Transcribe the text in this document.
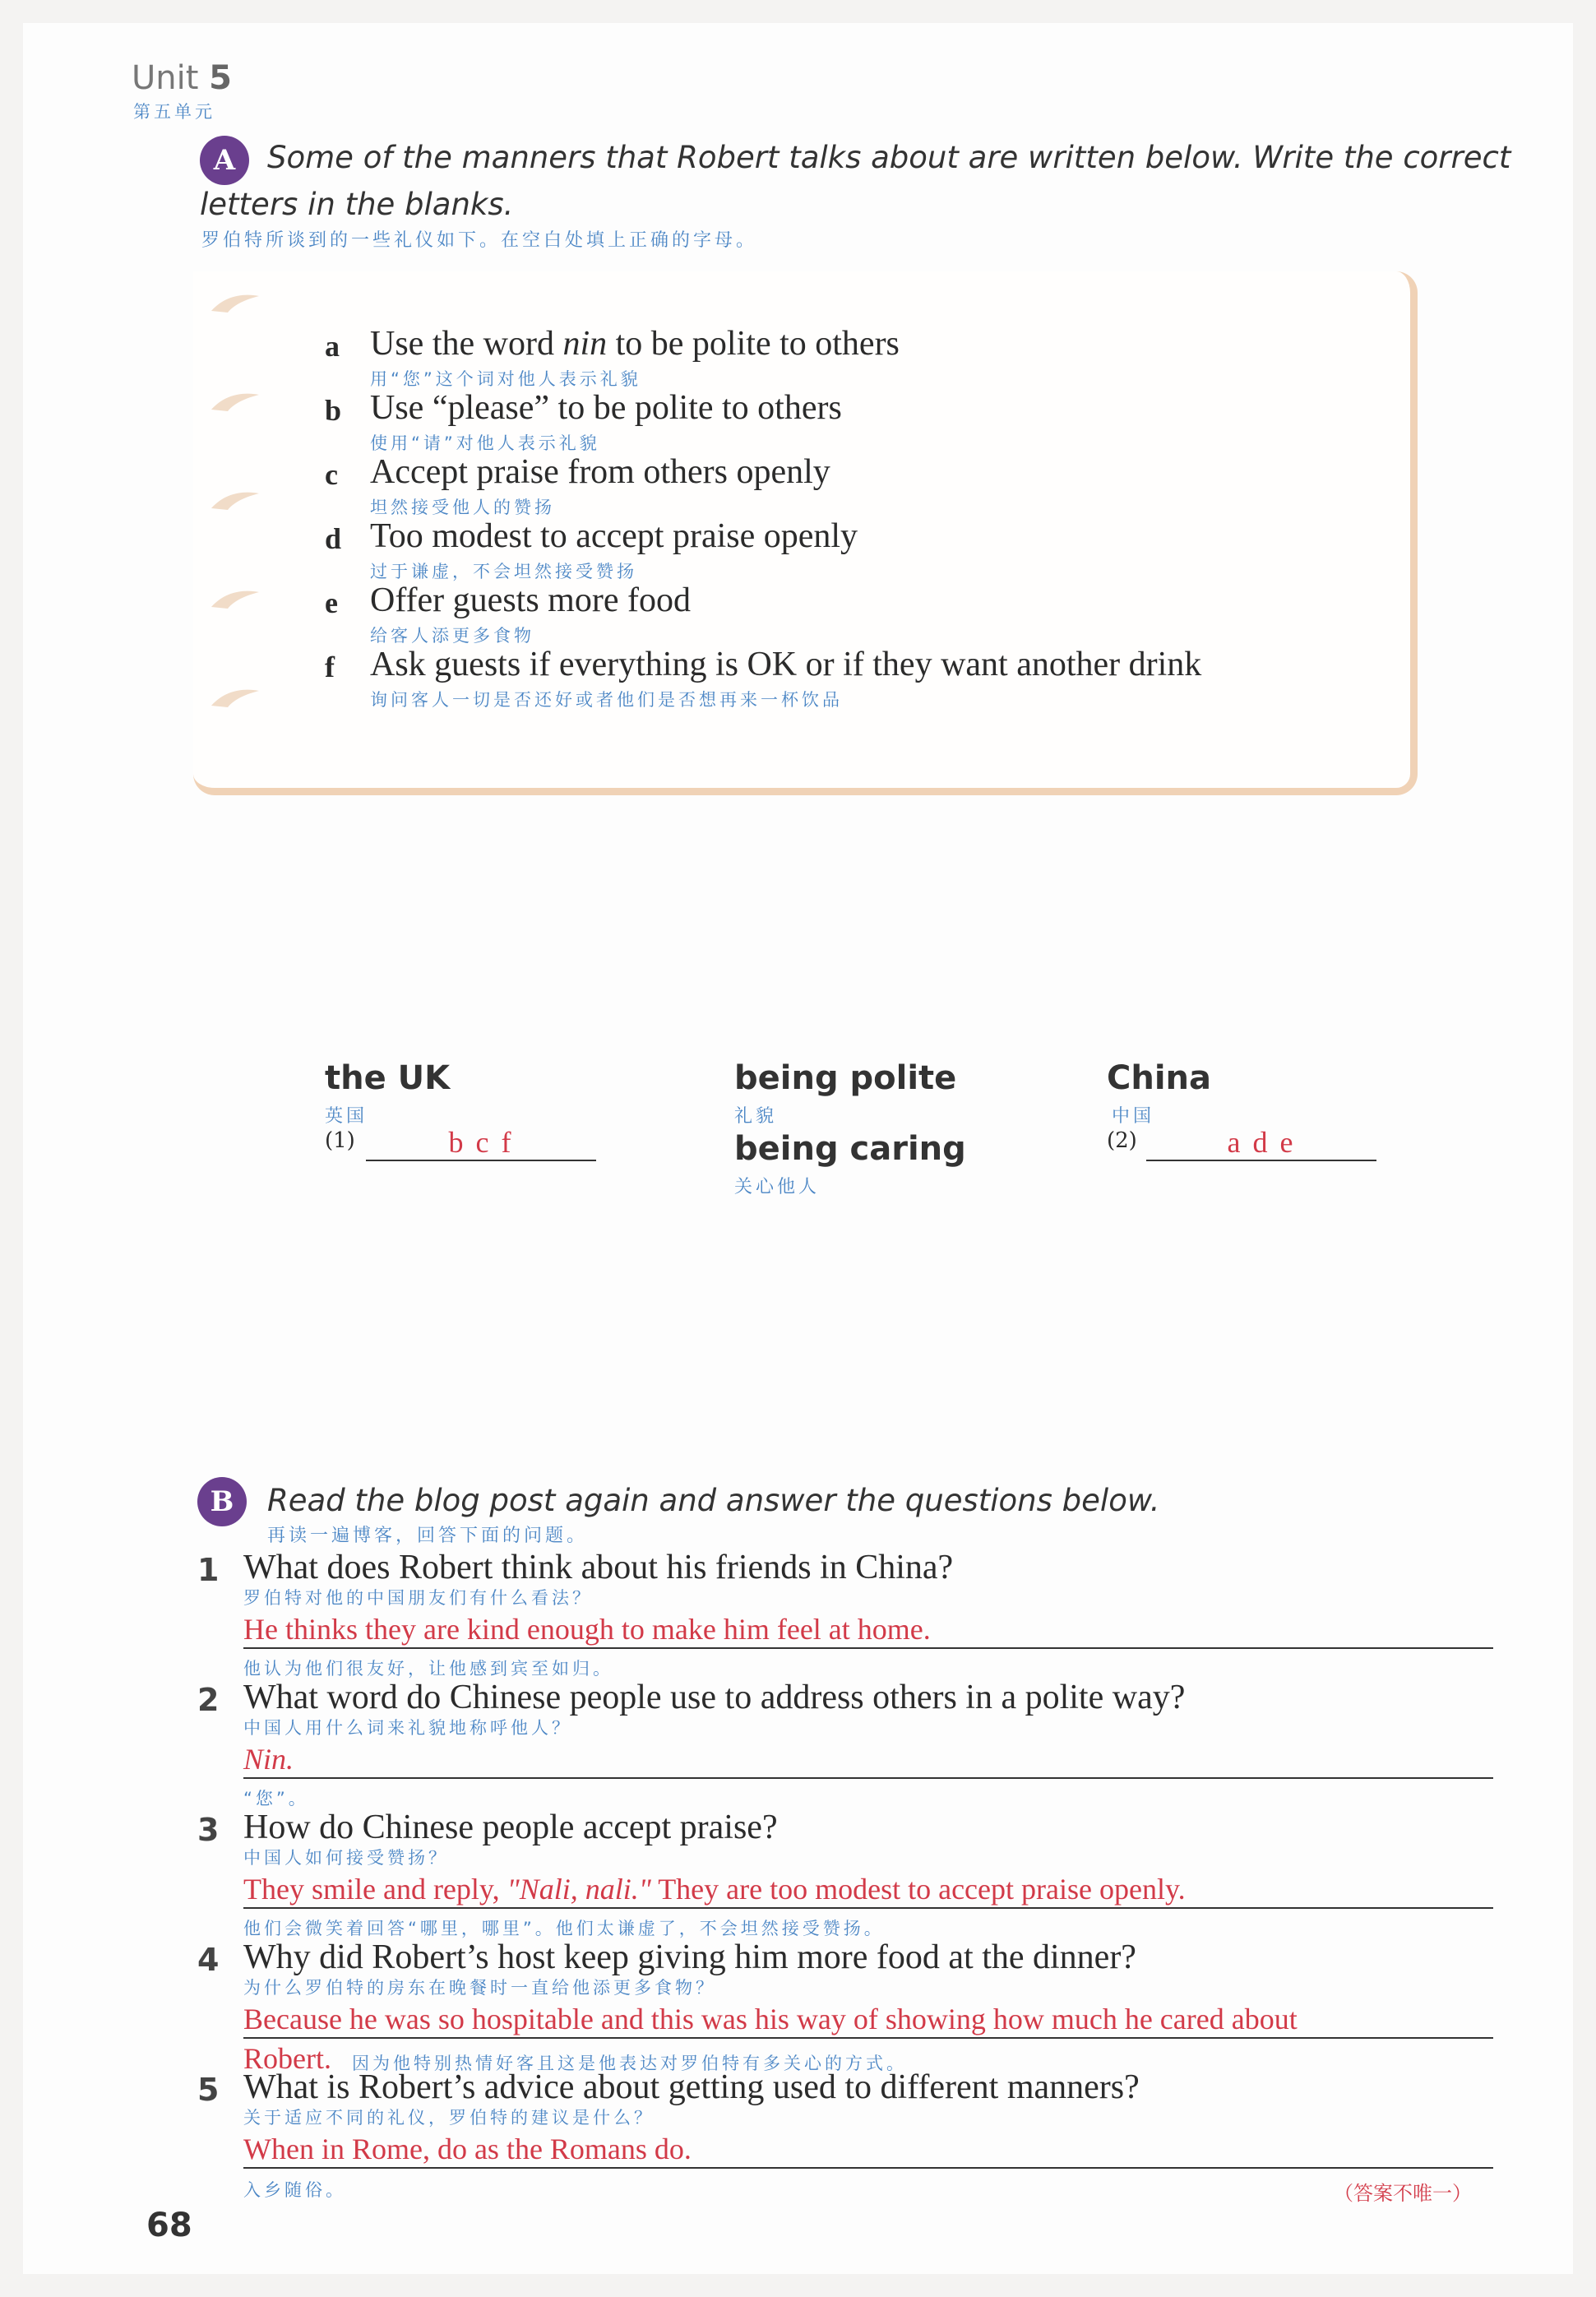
Unit 5
第五单元
A	Some of the manners that Robert talks about are written below. Write the correct
letters in the blanks.
罗伯特所谈到的一些礼仪如下。在空白处填上正确的字母。
a Use the word nin to be polite to others
用“您”这个词对他人表示礼貌
b Use “please” to be polite to others
使用“请”对他人表示礼貌
c Accept praise from others openly
坦然接受他人的赞扬
d Too modest to accept praise openly
过于谦虚，不会坦然接受赞扬
e Offer guests more food
给客人添更多食物
f Ask guests if everything is OK or if they want another drink
询问客人一切是否还好或者他们是否想再来一杯饮品
the UK
英国
(1)	b c f
being polite
礼貌
being caring
关心他人
China
中国
(2)	a d e
B	Read the blog post again and answer the questions below.
再读一遍博客，回答下面的问题。
1 What does Robert think about his friends in China?
罗伯特对他的中国朋友们有什么看法？
He thinks they are kind enough to make him feel at home.
他认为他们很友好，让他感到宾至如归。
2 What word do Chinese people use to address others in a polite way?
中国人用什么词来礼貌地称呼他人？
Nin.
“您”。
3 How do Chinese people accept praise?
中国人如何接受赞扬？
They smile and reply, "Nali, nali." They are too modest to accept praise openly.
他们会微笑着回答“哪里，哪里”。他们太谦虚了，不会坦然接受赞扬。
4 Why did Robert’s host keep giving him more food at the dinner?
为什么罗伯特的房东在晚餐时一直给他添更多食物？
Because he was so hospitable and this was his way of showing how much he cared about
Robert. 因为他特别热情好客且这是他表达对罗伯特有多关心的方式。
5 What is Robert’s advice about getting used to different manners?
关于适应不同的礼仪，罗伯特的建议是什么？
When in Rome, do as the Romans do.
入乡随俗。	（答案不唯一）
68
